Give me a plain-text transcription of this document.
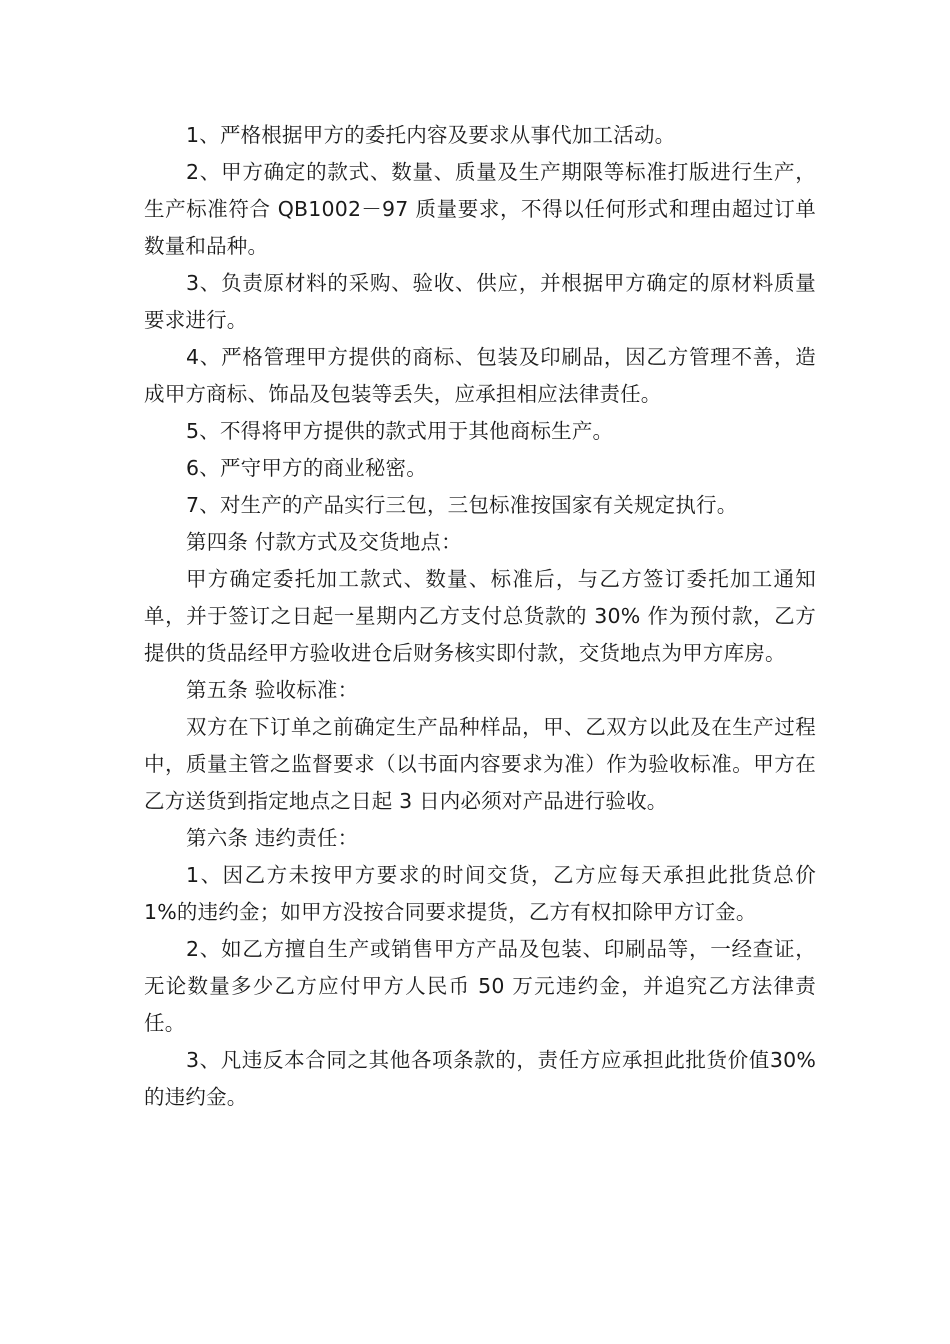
1、严格根据甲方的委托内容及要求从事代加工活动。

2、甲方确定的款式、数量、质量及生产期限等标准打版进行生产，生产标准符合 QB1002－97 质量要求，不得以任何形式和理由超过订单数量和品种。

3、负责原材料的采购、验收、供应，并根据甲方确定的原材料质量要求进行。

4、严格管理甲方提供的商标、包装及印刷品，因乙方管理不善，造成甲方商标、饰品及包装等丢失，应承担相应法律责任。

5、不得将甲方提供的款式用于其他商标生产。

6、严守甲方的商业秘密。

7、对生产的产品实行三包，三包标准按国家有关规定执行。

第四条 付款方式及交货地点：

甲方确定委托加工款式、数量、标准后，与乙方签订委托加工通知单，并于签订之日起一星期内乙方支付总货款的 30% 作为预付款，乙方提供的货品经甲方验收进仓后财务核实即付款，交货地点为甲方库房。

第五条 验收标准：

双方在下订单之前确定生产品种样品，甲、乙双方以此及在生产过程中，质量主管之监督要求（以书面内容要求为准）作为验收标准。甲方在乙方送货到指定地点之日起 3 日内必须对产品进行验收。

第六条 违约责任：

1、因乙方未按甲方要求的时间交货，乙方应每天承担此批货总价 1%的违约金；如甲方没按合同要求提货，乙方有权扣除甲方订金。

2、如乙方擅自生产或销售甲方产品及包装、印刷品等，一经查证，无论数量多少乙方应付甲方人民币 50 万元违约金，并追究乙方法律责任。

3、凡违反本合同之其他各项条款的，责任方应承担此批货价值30%的违约金。
